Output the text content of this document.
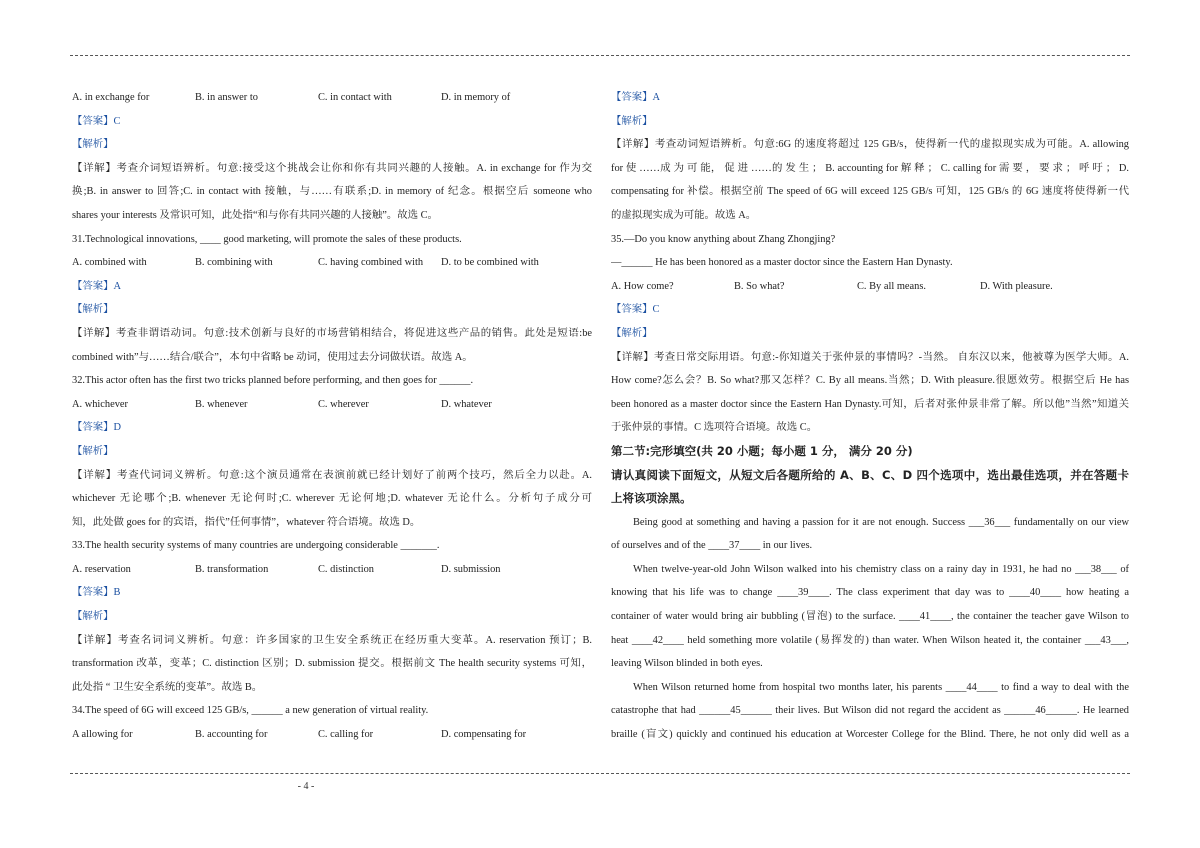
A. in exchange for	B. in answer to	C. in contact with	D. in memory of
【答案】C
【解析】
【详解】考查介词短语辨析。句意:接受这个挑战会让你和你有共同兴趣的人接触。A. in exchange for 作为交
换;B. in answer to 回答;C. in contact with 接触，与……有联系;D. in memory of 纪念。根据空后 someone who
shares your interests 及常识可知，此处指“和与你有共同兴趣的人接触”。故选 C。
31.Technological innovations, ____ good marketing, will promote the sales of these products.
A. combined with	B. combining with	C. having combined with	D. to be combined with
【答案】A
【解析】
【详解】考查非谓语动词。句意:技术创新与良好的市场营销相结合，将促进这些产品的销售。此处是短语:be
combined with”与……结合/联合”，本句中省略 be 动词，使用过去分词做状语。故选 A。
32.This actor often has the first two tricks planned before performing, and then goes for ______.
A. whichever	B. whenever	C. wherever	D. whatever
【答案】D
【解析】
【详解】考查代词词义辨析。句意:这个演员通常在表演前就已经计划好了前两个技巧，然后全力以赴。A.
whichever 无论哪个;B. whenever 无论何时;C. wherever 无论何地;D. whatever 无论什么。分析句子成分可
知，此处做 goes for 的宾语，指代”任何事情”，whatever 符合语境。故选 D。
33.The health security systems of many countries are undergoing considerable _______.
A. reservation	B. transformation	C. distinction	D. submission
【答案】B
【解析】
【详解】考查名词词义辨析。句意：许多国家的卫生安全系统正在经历重大变革。A. reservation 预订；B.
transformation 改革，变革；C. distinction 区别；D. submission 提交。根据前文 The health security systems 可知，
此处指 “ 卫生安全系统的变革”。故选 B。
34.The speed of 6G will exceed 125 GB/s, ______ a new generation of virtual reality.
A allowing for	B. accounting for	C. calling for	D. compensating for
【答案】A
【解析】
【详解】考查动词短语辨析。句意:6G 的速度将超过 125 GB/s，使得新一代的虚拟现实成为可能。A. allowing
for 使 ……成 为 可 能， 促 进 ……的 发 生 ； B. accounting for 解 释 ； C. calling for 需 要 ， 要 求 ； 呼 吁 ； D.
compensating for 补偿。根据空前 The speed of 6G will exceed 125 GB/s 可知，125 GB/s 的 6G 速度将使得新一代
的虚拟现实成为可能。故选 A。
35.—Do you know anything about Zhang Zhongjing?
—______ He has been honored as a master doctor since the Eastern Han Dynasty.
A. How come?	B. So what?	C. By all means.	D. With pleasure.
【答案】C
【解析】
【详解】考查日常交际用语。句意:-你知道关于张仲景的事情吗？-当然。 自东汉以来，他被尊为医学大师。A.
How come?怎么会？B. So what?那又怎样？C. By all means.当然；D. With pleasure.很愿效劳。根据空后 He has
been honored as a master doctor since the Eastern Han Dynasty.可知，后者对张仲景非常了解。所以他”当然”知道关
于张仲景的事情。C 选项符合语境。故选 C。
第二节:完形填空(共 20 小题；每小题 1 分， 满分 20 分)
请认真阅读下面短文，从短文后各题所给的 A、B、C、D 四个选项中，选出最佳选项，并在答题卡
上将该项涂黑。
Being good at something and having a passion for it are not enough. Success ___36___ fundamentally on our view
of ourselves and of the ____37____ in our lives.
When twelve-year-old John Wilson walked into his chemistry class on a rainy day in 1931, he had no ___38___ of
knowing that his life was to change ____39____. The class experiment that day was to ____40____ how heating a
container of water would bring air bubbling (冒泡) to the surface. ____41____, the container the teacher gave Wilson to
heat ____42____ held something more volatile (易挥发的) than water. When Wilson heated it, the container ___43___,
leaving Wilson blinded in both eyes.
When Wilson returned home from hospital two months later, his parents ____44____ to find a way to deal with the
catastrophe that had ______45______ their lives. But Wilson did not regard the accident as ______46______. He learned
braille (盲文) quickly and continued his education at Worcester College for the Blind. There, he not only did well as a
- 4 -
